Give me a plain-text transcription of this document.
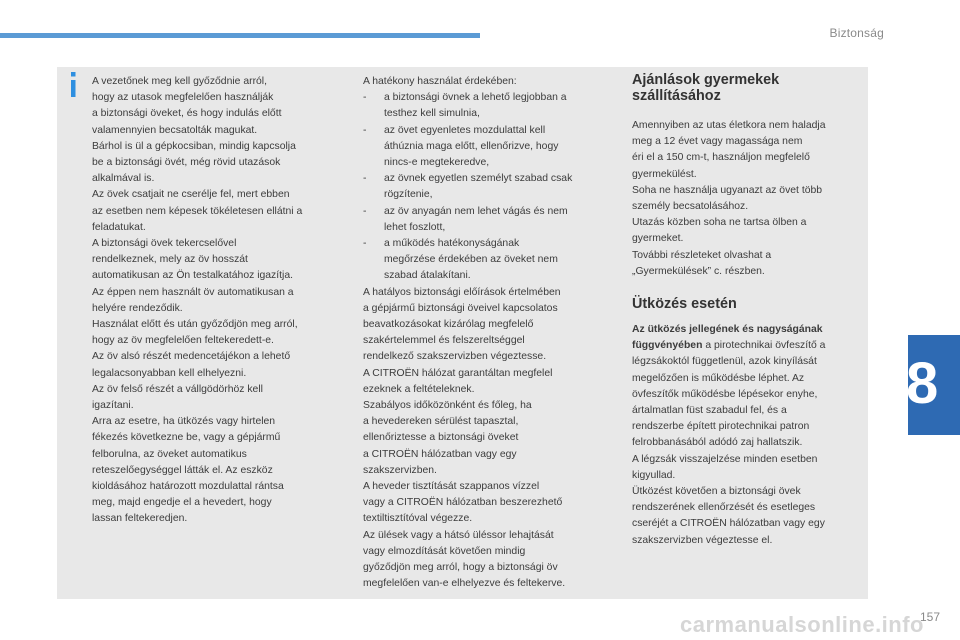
Biztonság

A vezetőnek meg kell győződnie arról,

hogy az utasok megfelelően használják

a biztonsági öveket, és hogy indulás előtt

valamennyien becsatolták magukat.

Bárhol is ül a gépkocsiban, mindig kapcsolja

be a biztonsági övét, még rövid utazások

alkalmával is.

Az övek csatjait ne cserélje fel, mert ebben

az esetben nem képesek tökéletesen ellátni a

feladatukat.

A biztonsági övek tekercselővel

rendelkeznek, mely az öv hosszát

automatikusan az Ön testalkatához igazítja.

Az éppen nem használt öv automatikusan a

helyére rendeződik.

Használat előtt és után győződjön meg arról,

hogy az öv megfelelően feltekeredett-e.

Az öv alsó részét medencetájékon a lehető

legalacsonyabban kell elhelyezni.

Az öv felső részét a vállgödörhöz kell

igazítani.

Arra az esetre, ha ütközés vagy hirtelen

fékezés következne be, vagy a gépjármű

felborulna, az öveket automatikus

reteszelőegységgel látták el. Az eszköz

kioldásához határozott mozdulattal rántsa

meg, majd engedje el a hevedert, hogy

lassan feltekeredjen.

A hatékony használat érdekében:

-	a biztonsági övnek a lehető legjobban a

testhez kell simulnia,

-	az övet egyenletes mozdulattal kell

áthúznia maga előtt, ellenőrizve, hogy

nincs-e megtekeredve,

-	az övnek egyetlen személyt szabad csak

rögzítenie,

-	az öv anyagán nem lehet vágás és nem

lehet foszlott,

-	a működés hatékonyságának

megőrzése érdekében az öveket nem

szabad átalakítani.

A hatályos biztonsági előírások értelmében

a gépjármű biztonsági öveivel kapcsolatos

beavatkozásokat kizárólag megfelelő

szakértelemmel és felszereltséggel

rendelkező szakszervizben végeztesse.

A CITROËN hálózat garantáltan megfelel

ezeknek a feltételeknek.

Szabályos időközönként és főleg, ha

a hevedereken sérülést tapasztal,

ellenőriztesse a biztonsági öveket

a CITROËN hálózatban vagy egy

szakszervizben.

A heveder tisztítását szappanos vízzel

vagy a CITROËN hálózatban beszerezhető

textiltisztítóval végezze.

Az ülések vagy a hátsó üléssor lehajtását

vagy elmozdítását követően mindig

győződjön meg arról, hogy a biztonsági öv

megfelelően van-e elhelyezve és feltekerve.

Ajánlások gyermekek
szállításához

Amennyiben az utas életkora nem haladja

meg a 12 évet vagy magassága nem

éri el a 150 cm-t, használjon megfelelő

gyermekülést.

Soha ne használja ugyanazt az övet több

személy becsatolásához.

Utazás közben soha ne tartsa ölben a

gyermeket.

További részleteket olvashat a

„Gyermekülések” c. részben.

Ütközés esetén

Az ütközés jellegének és nagyságának

függvényében a pirotechnikai övfeszítő a

légzsákoktól függetlenül, azok kinyílását

megelőzően is működésbe léphet. Az

övfeszítők működésbe lépésekor enyhe,

ártalmatlan füst szabadul fel, és a

rendszerbe épített pirotechnikai patron

felrobbanásából adódó zaj hallatszik.

A légzsák visszajelzése minden esetben

kigyullad.

Ütközést követően a biztonsági övek

rendszerének ellenőrzését és esetleges

cseréjét a CITROËN hálózatban vagy egy

szakszervizben végeztesse el.

8
carmanualsonline.info
157
